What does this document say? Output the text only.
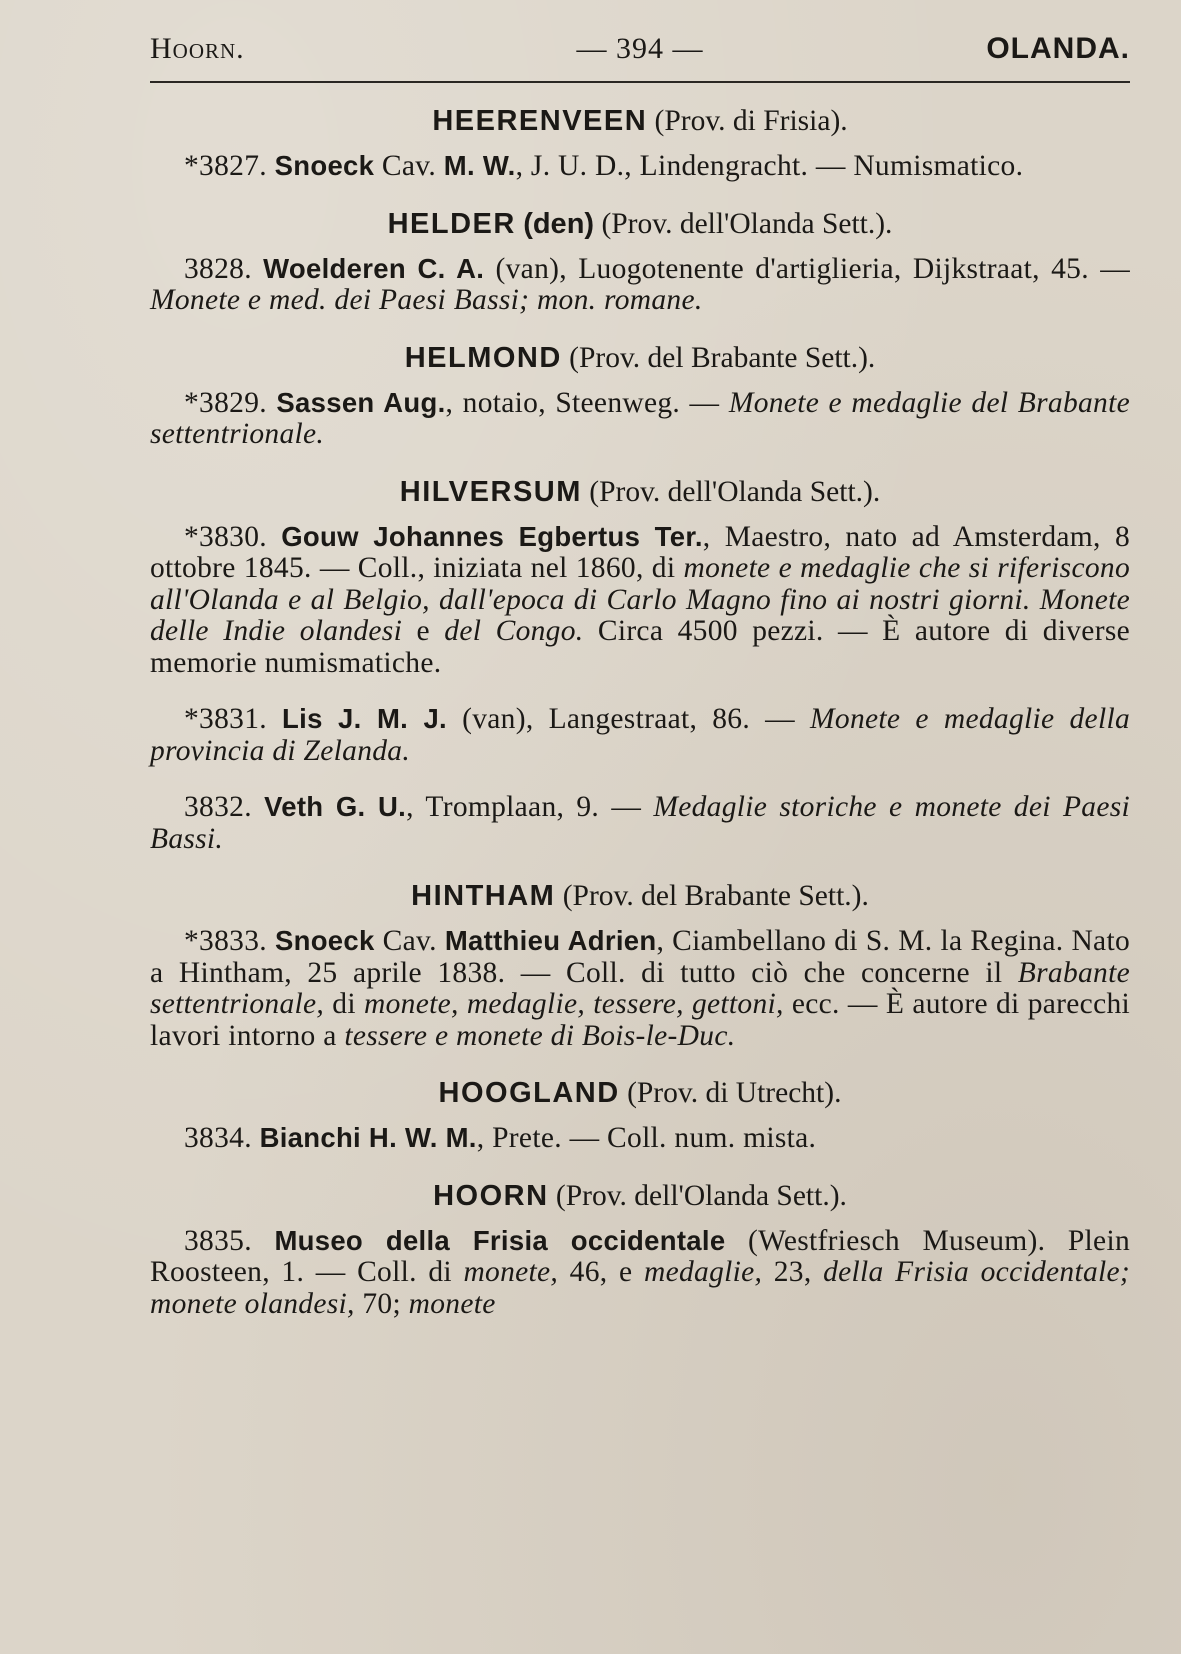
Hoorn.	— 394 —	OLANDA.
HEERENVEEN (Prov. di Frisia).
*3827. Snoeck Cav. M. W., J. U. D., Lindengracht. — Numismatico.
HELDER (den) (Prov. dell'Olanda Sett.).
3828. Woelderen C. A. (van), Luogotenente d'artiglieria, Dijkstraat, 45. — Monete e med. dei Paesi Bassi; mon. romane.
HELMOND (Prov. del Brabante Sett.).
*3829. Sassen Aug., notaio, Steenweg. — Monete e medaglie del Brabante settentrionale.
HILVERSUM (Prov. dell'Olanda Sett.).
*3830. Gouw Johannes Egbertus Ter., Maestro, nato ad Amsterdam, 8 ottobre 1845. — Coll., iniziata nel 1860, di monete e medaglie che si riferiscono all'Olanda e al Belgio, dall'epoca di Carlo Magno fino ai nostri giorni. Monete delle Indie olandesi e del Congo. Circa 4500 pezzi. — È autore di diverse memorie numismatiche.
*3831. Lis J. M. J. (van), Langestraat, 86. — Monete e medaglie della provincia di Zelanda.
3832. Veth G. U., Tromplaan, 9. — Medaglie storiche e monete dei Paesi Bassi.
HINTHAM (Prov. del Brabante Sett.).
*3833. Snoeck Cav. Matthieu Adrien, Ciambellano di S. M. la Regina. Nato a Hintham, 25 aprile 1838. — Coll. di tutto ciò che concerne il Brabante settentrionale, di monete, medaglie, tessere, gettoni, ecc. — È autore di parecchi lavori intorno a tessere e monete di Bois-le-Duc.
HOOGLAND (Prov. di Utrecht).
3834. Bianchi H. W. M., Prete. — Coll. num. mista.
HOORN (Prov. dell'Olanda Sett.).
3835. Museo della Frisia occidentale (Westfriesch Museum). Plein Roosteen, 1. — Coll. di monete, 46, e medaglie, 23, della Frisia occidentale; monete olandesi, 70; monete
